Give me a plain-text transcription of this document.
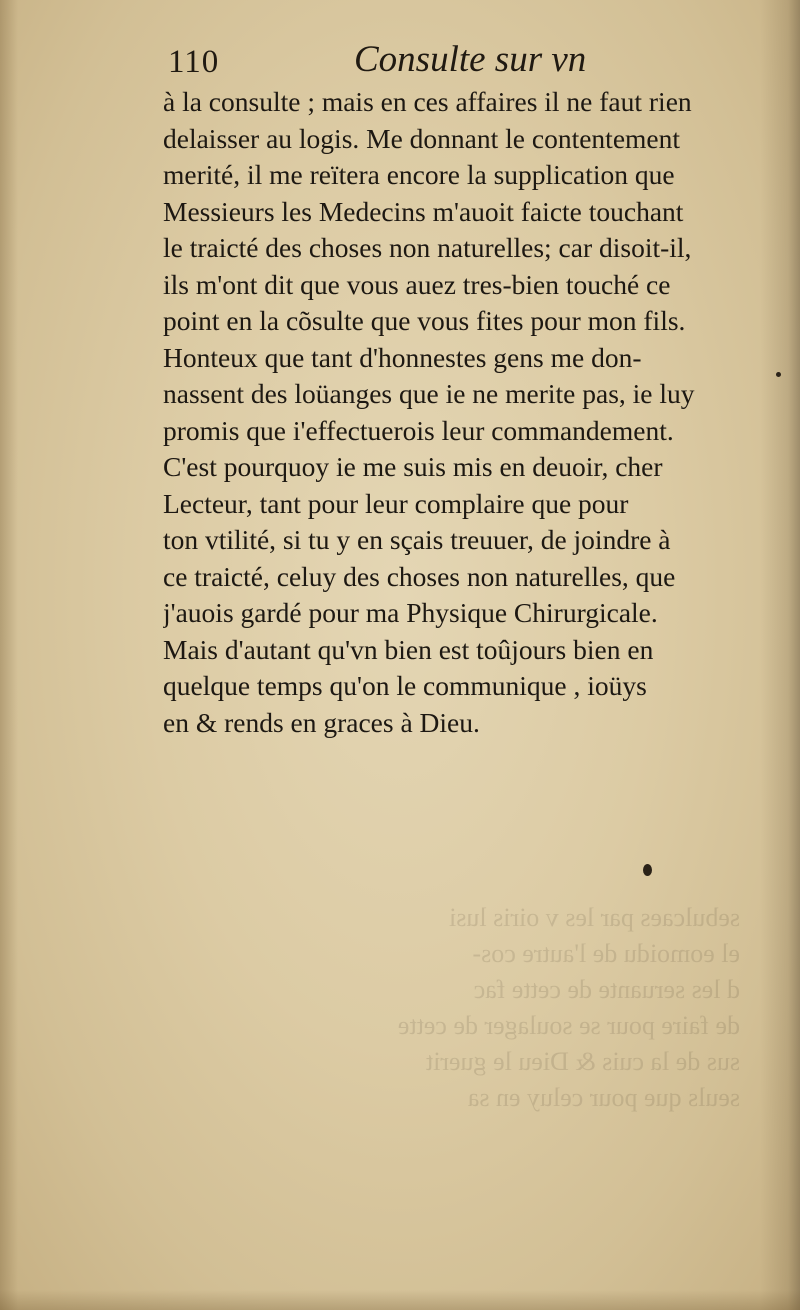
sebulcaes par les v oiris lusi
el eomoidu de l'autre cos-
d les seruante de cette fac
de faire pour se soulager de cette
sus de la cuis & Dieu le guerit
seuls que pour celuy en sa
110	Consulte sur vn
à la consulte ; mais en ces affaires il ne faut rien
delaisser au logis. Me donnant le contentement
merité, il me reïtera encore la supplication que
Messieurs les Medecins m'auoit faicte touchant
le traicté des choses non naturelles; car disoit-il,
ils m'ont dit que vous auez tres-bien touché ce
point en la cõsulte que vous fites pour mon fils.
Honteux que tant d'honnestes gens me don-
nassent des loüanges que ie ne merite pas, ie luy
promis que i'effectuerois leur commandement.
C'est pourquoy ie me suis mis en deuoir, cher
Lecteur, tant pour leur complaire que pour
ton vtilité, si tu y en sçais treuuer, de joindre à
ce traicté, celuy des choses non naturelles, que
j'auois gardé pour ma Physique Chirurgicale.
Mais d'autant qu'vn bien est toûjours bien en
quelque temps qu'on le communique , ioüys
en & rends en graces à Dieu.
